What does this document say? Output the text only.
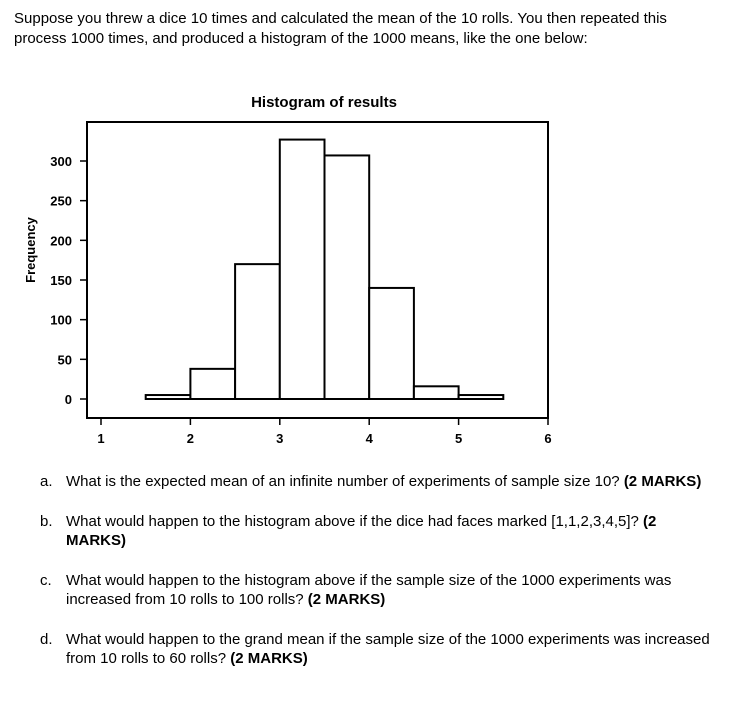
Suppose you threw a dice 10 times and calculated the mean of the 10 rolls. You then repeated this process 1000 times, and produced a histogram of the 1000 means, like the one below:

Histogram of results
Frequency
1	2	3	4	5	6
0
50
100
150
200
250
300
a. What is the expected mean of an infinite number of experiments of sample size 10? (2 MARKS)
b. What would happen to the histogram above if the dice had faces marked [1,1,2,3,4,5]? (2 MARKS)
c. What would happen to the histogram above if the sample size of the 1000 experiments was increased from 10 rolls to 100 rolls? (2 MARKS)
d. What would happen to the grand mean if the sample size of the 1000 experiments was increased from 10 rolls to 60 rolls? (2 MARKS)
